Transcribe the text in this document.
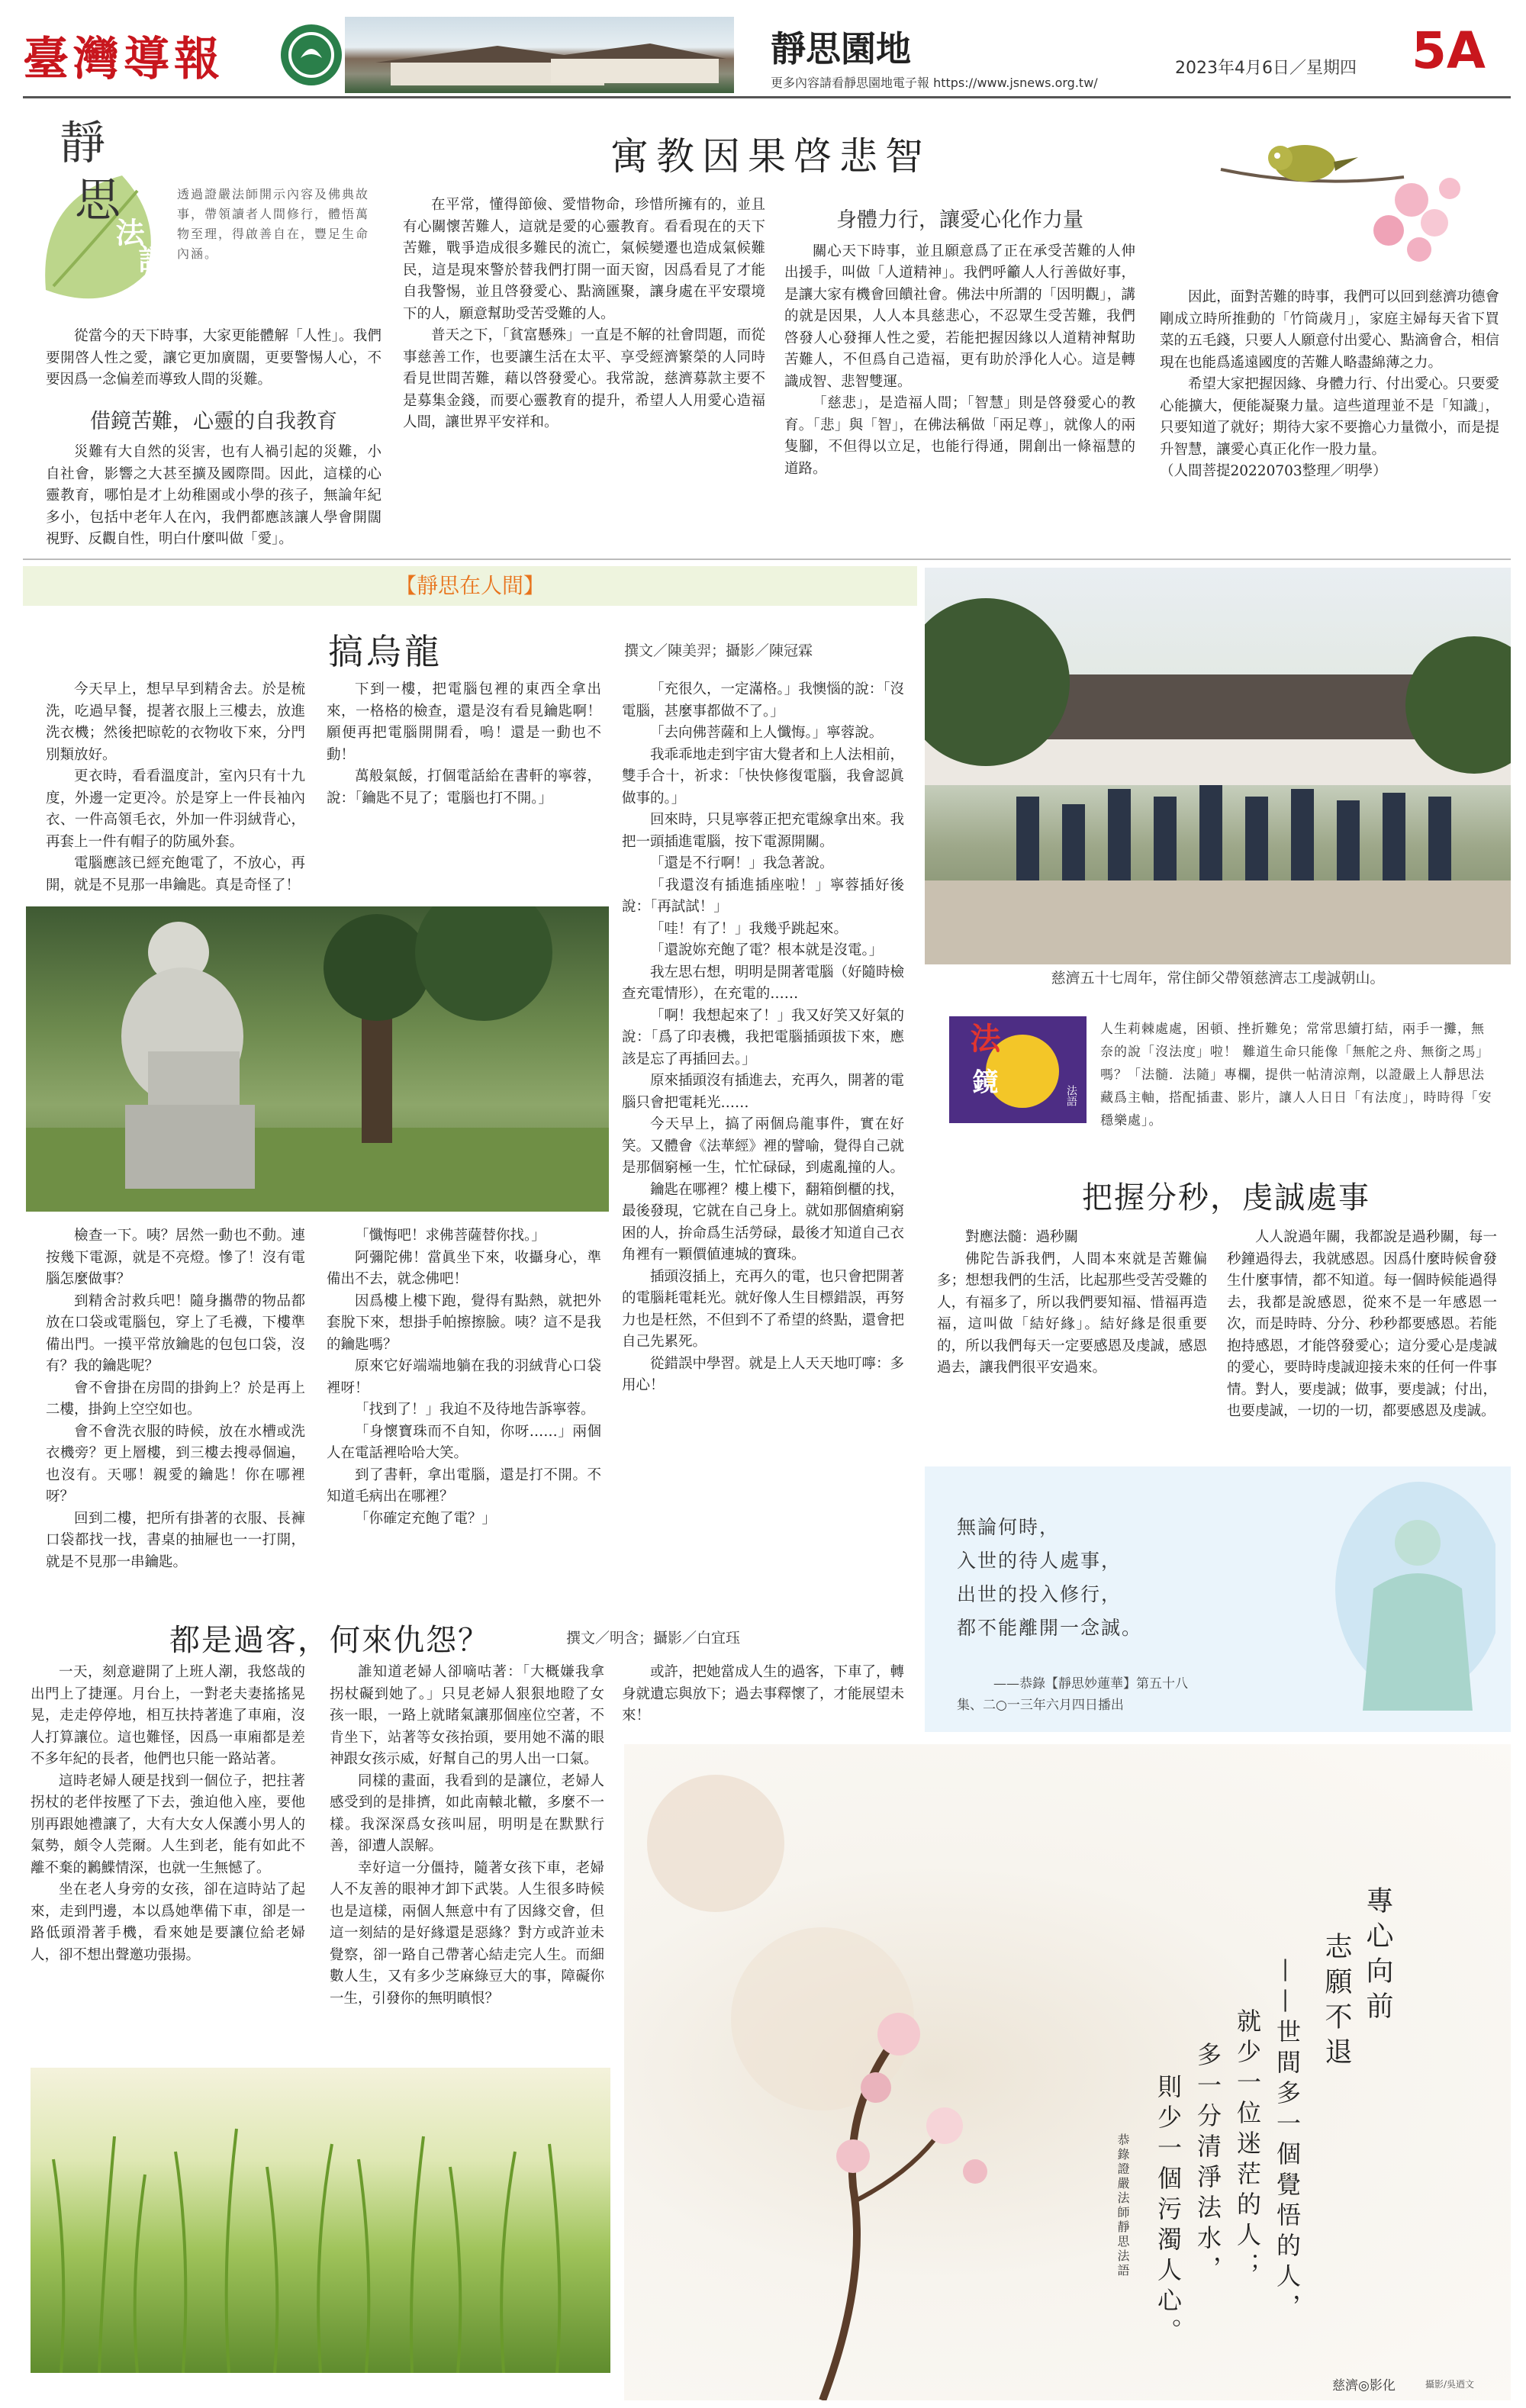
臺灣導報	靜思園地
更多內容請看靜思園地電子報 https://www.jsnews.org.tw/
2023年4月6日／星期四 5A
靜
思
法
語
透過證嚴法師開示內容及佛典故事，帶領讀者人間修行，體悟萬物至理，得啟善自在，豐足生命內涵。
寓教因果啓悲智

從當今的天下時事，大家更能體解「人性」。我們要開啓人性之愛，讓它更加廣闊，更要警惕人心，不要因爲一念偏差而導致人間的災難。

借鏡苦難，心靈的自我教育

災難有大自然的災害，也有人禍引起的災難，小自社會，影響之大甚至擴及國際間。因此，這樣的心靈教育，哪怕是才上幼稚園或小學的孩子，無論年紀多小，包括中老年人在內，我們都應該讓人學會開闊視野、反觀自性，明白什麼叫做「愛」。

在平常，懂得節儉、愛惜物命，珍惜所擁有的，並且有心關懷苦難人，這就是愛的心靈教育。看看現在的天下苦難，戰爭造成很多難民的流亡，氣候變遷也造成氣候難民，這是現來警於替我們打開一面天窗，因爲看見了才能自我警惕，並且啓發愛心、點滴匯聚，讓身處在平安環境下的人，願意幫助受苦受難的人。

普天之下，「貧富懸殊」一直是不解的社會問題，而從事慈善工作，也要讓生活在太平、享受經濟繁榮的人同時看見世間苦難，藉以啓發愛心。我常說，慈濟募款主要不是募集金錢，而要心靈教育的提升，希望人人用愛心造福人間，讓世界平安祥和。

身體力行，讓愛心化作力量

關心天下時事，並且願意爲了正在承受苦難的人伸出援手，叫做「人道精神」。我們呼籲人人行善做好事，是讓大家有機會回饋社會。佛法中所謂的「因明觀」，講的就是因果，人人本具慈悲心，不忍眾生受苦難，我們啓發人心發揮人性之愛，若能把握因緣以人道精神幫助苦難人，不但爲自己造福，更有助於淨化人心。這是轉識成智、悲智雙運。

「慈悲」，是造福人間；「智慧」則是啓發愛心的教育。「悲」與「智」，在佛法稱做「兩足尊」，就像人的兩隻腳，不但得以立足，也能行得通，開創出一條福慧的道路。

因此，面對苦難的時事，我們可以回到慈濟功德會剛成立時所推動的「竹筒歲月」，家庭主婦每天省下買菜的五毛錢，只要人人願意付出愛心、點滴會合，相信現在也能爲遙遠國度的苦難人略盡綿薄之力。

希望大家把握因緣、身體力行、付出愛心。只要愛心能擴大，便能凝聚力量。這些道理並不是「知識」，只要知道了就好；期待大家不要擔心力量微小，而是提升智慧，讓愛心真正化作一股力量。

（人間菩提20220703整理／明學）

【靜思在人間】
搞烏龍	撰文／陳美羿；攝影／陳冠霖

今天早上，想早早到精舍去。於是梳洗，吃過早餐，提著衣服上三樓去，放進洗衣機；然後把晾乾的衣物收下來，分門別類放好。

更衣時，看看溫度計，室內只有十九度，外邊一定更冷。於是穿上一件長袖內衣、一件高領毛衣，外加一件羽絨背心，再套上一件有帽子的防風外套。

電腦應該已經充飽電了，不放心，再開，就是不見那一串鑰匙。真是奇怪了！

下到一樓，把電腦包裡的東西全拿出來，一格格的檢查，還是沒有看見鑰匙啊！願便再把電腦開開看，嗚！還是一動也不動！

萬般氣餒，打個電話給在書軒的寧蓉，說：「鑰匙不見了；電腦也打不開。」

「充很久，一定滿格。」我懊惱的說：「沒電腦，甚麼事都做不了。」

「去向佛菩薩和上人懺悔。」寧蓉說。

我乖乖地走到宇宙大覺者和上人法相前，雙手合十，祈求：「快快修復電腦，我會認眞做事的。」

回來時，只見寧蓉正把充電線拿出來。我把一頭插進電腦，按下電源開關。

「還是不行啊！」我急著說。

「我還沒有插進插座啦！」寧蓉插好後說：「再試試！」

「哇！有了！」我幾乎跳起來。

「還說妳充飽了電？根本就是沒電。」

我左思右想，明明是開著電腦（好隨時檢查充電情形），在充電的……

「啊！我想起來了！」我又好笑又好氣的說：「爲了印表機，我把電腦插頭拔下來，應該是忘了再插回去。」

原來插頭沒有插進去，充再久，開著的電腦只會把電耗光……

今天早上，搞了兩個烏龍事件，實在好笑。又體會《法華經》裡的譬喻，覺得自己就是那個窮極一生，忙忙碌碌，到處亂撞的人。

鑰匙在哪裡？樓上樓下，翻箱倒櫃的找，最後發現，它就在自己身上。就如那個瘡痢窮困的人，拚命爲生活勞碌，最後才知道自己衣角裡有一顆價値連城的寶珠。

插頭沒插上，充再久的電，也只會把開著的電腦耗電耗光。就好像人生目標錯誤，再努力也是枉然，不但到不了希望的終點，還會把自己先累死。

從錯誤中學習。就是上人天天地叮嚀：多用心！

檢查一下。咦？居然一動也不動。連按幾下電源，就是不亮燈。慘了！沒有電腦怎麼做事？

到精舍討救兵吧！隨身攜帶的物品都放在口袋或電腦包，穿上了毛襪，下樓準備出門。一摸平常放鑰匙的包包口袋，沒有？我的鑰匙呢？

會不會掛在房間的掛鉤上？於是再上二樓，掛鉤上空空如也。

會不會洗衣服的時候，放在水槽或洗衣機旁？更上層樓，到三樓去搜尋個遍，也沒有。天哪！親愛的鑰匙！你在哪裡呀？

回到二樓，把所有掛著的衣服、長褲口袋都找一找，書桌的抽屜也一一打開，就是不見那一串鑰匙。

「懺悔吧！求佛菩薩替你找。」

阿彌陀佛！當眞坐下來，收攝身心，準備出不去，就念佛吧！

因爲樓上樓下跑，覺得有點熱，就把外套脫下來，想掛手帕擦擦臉。咦？這不是我的鑰匙嗎？

原來它好端端地躺在我的羽絨背心口袋裡呀！

「找到了！」我迫不及待地告訴寧蓉。

「身懷寶珠而不自知，你呀……」兩個人在電話裡哈哈大笑。

到了書軒，拿出電腦，還是打不開。不知道毛病出在哪裡？

「你確定充飽了電？」

都是過客，何來仇怨？	撰文／明含；攝影／白宜珏

一天，刻意避開了上班人潮，我悠哉的出門上了捷運。月台上，一對老夫妻搖搖晃晃，走走停停地，相互扶持著進了車廂，沒人打算讓位。這也難怪，因爲一車廂都是差不多年紀的長者，他們也只能一路站著。

這時老婦人硬是找到一個位子，把拄著拐杖的老伴按壓了下去，強迫他入座，要他別再跟她禮讓了，大有大女人保護小男人的氣勢，頗令人莞爾。人生到老，能有如此不離不棄的鶼鰈情深，也就一生無憾了。

坐在老人身旁的女孩，卻在這時站了起來，走到門邊，本以爲她準備下車，卻是一路低頭滑著手機，看來她是要讓位給老婦人，卻不想出聲邀功張揚。

誰知道老婦人卻嘀咕著：「大概嫌我拿拐杖礙到她了。」只見老婦人狠狠地瞪了女孩一眼，一路上就睹氣讓那個座位空著，不肯坐下，站著等女孩抬頭，要用她不滿的眼神跟女孩示威，好幫自己的男人出一口氣。

同樣的畫面，我看到的是讓位，老婦人感受到的是排擠，如此南轅北轍，多麼不一樣。我深深爲女孩叫屈，明明是在默默行善，卻遭人誤解。

幸好這一分僵持，隨著女孩下車，老婦人不友善的眼神才卸下武裝。人生很多時候也是這樣，兩個人無意中有了因緣交會，但這一刻結的是好緣還是惡緣？對方或許並未覺察，卻一路自己帶著心結走完人生。而細數人生，又有多少芝麻綠豆大的事，障礙你一生，引發你的無明瞋恨？

或許，把她當成人生的過客，下車了，轉身就遺忘與放下；過去事釋懷了，才能展望未來！

慈濟五十七周年，常住師父帶領慈濟志工虔誠朝山。
法
鏡
法語
人生莉棘處處，困頓、挫折難免；常常思續打結，兩手一攤，無奈的說「沒法度」啦！ 難道生命只能像「無舵之舟、無銜之馬」嗎？「法髓．法隨」專欄，提供一帖清涼劑，以證嚴上人靜思法藏爲主軸，搭配插畫、影片，讓人人日日「有法度」，時時得「安穩樂處」。
把握分秒，虔誠處事

對應法髓：過秒關

佛陀告訴我們，人間本來就是苦難偏多；想想我們的生活，比起那些受苦受難的人，有福多了，所以我們要知福、惜福再造福，這叫做「結好緣」。結好緣是很重要的，所以我們每天一定要感恩及虔誠，感恩過去，讓我們很平安過來。

人人說過年關，我都說是過秒關，每一秒鐘過得去，我就感恩。因爲什麼時候會發生什麼事情，都不知道。每一個時候能過得去，我都是說感恩，從來不是一年感恩一次，而是時時、分分、秒秒都要感恩。若能抱持感恩，才能啓發愛心；這分愛心是虔誠的愛心，要時時虔誠迎接未來的任何一件事情。對人，要虔誠；做事，要虔誠；付出，也要虔誠，一切的一切，都要感恩及虔誠。

無論何時，
入世的待人處事，
出世的投入修行，
都不能離開一念誠。
——恭錄【靜思妙蓮華】第五十八
集、二○一三年六月四日播出
專心向前
志願不退
——世間多一個覺悟的人，
就少一位迷茫的人；
多一分清淨法水，
則少一個污濁人心。
恭錄證嚴法師靜思法語
慈濟◎影化	攝影/吳迺文
